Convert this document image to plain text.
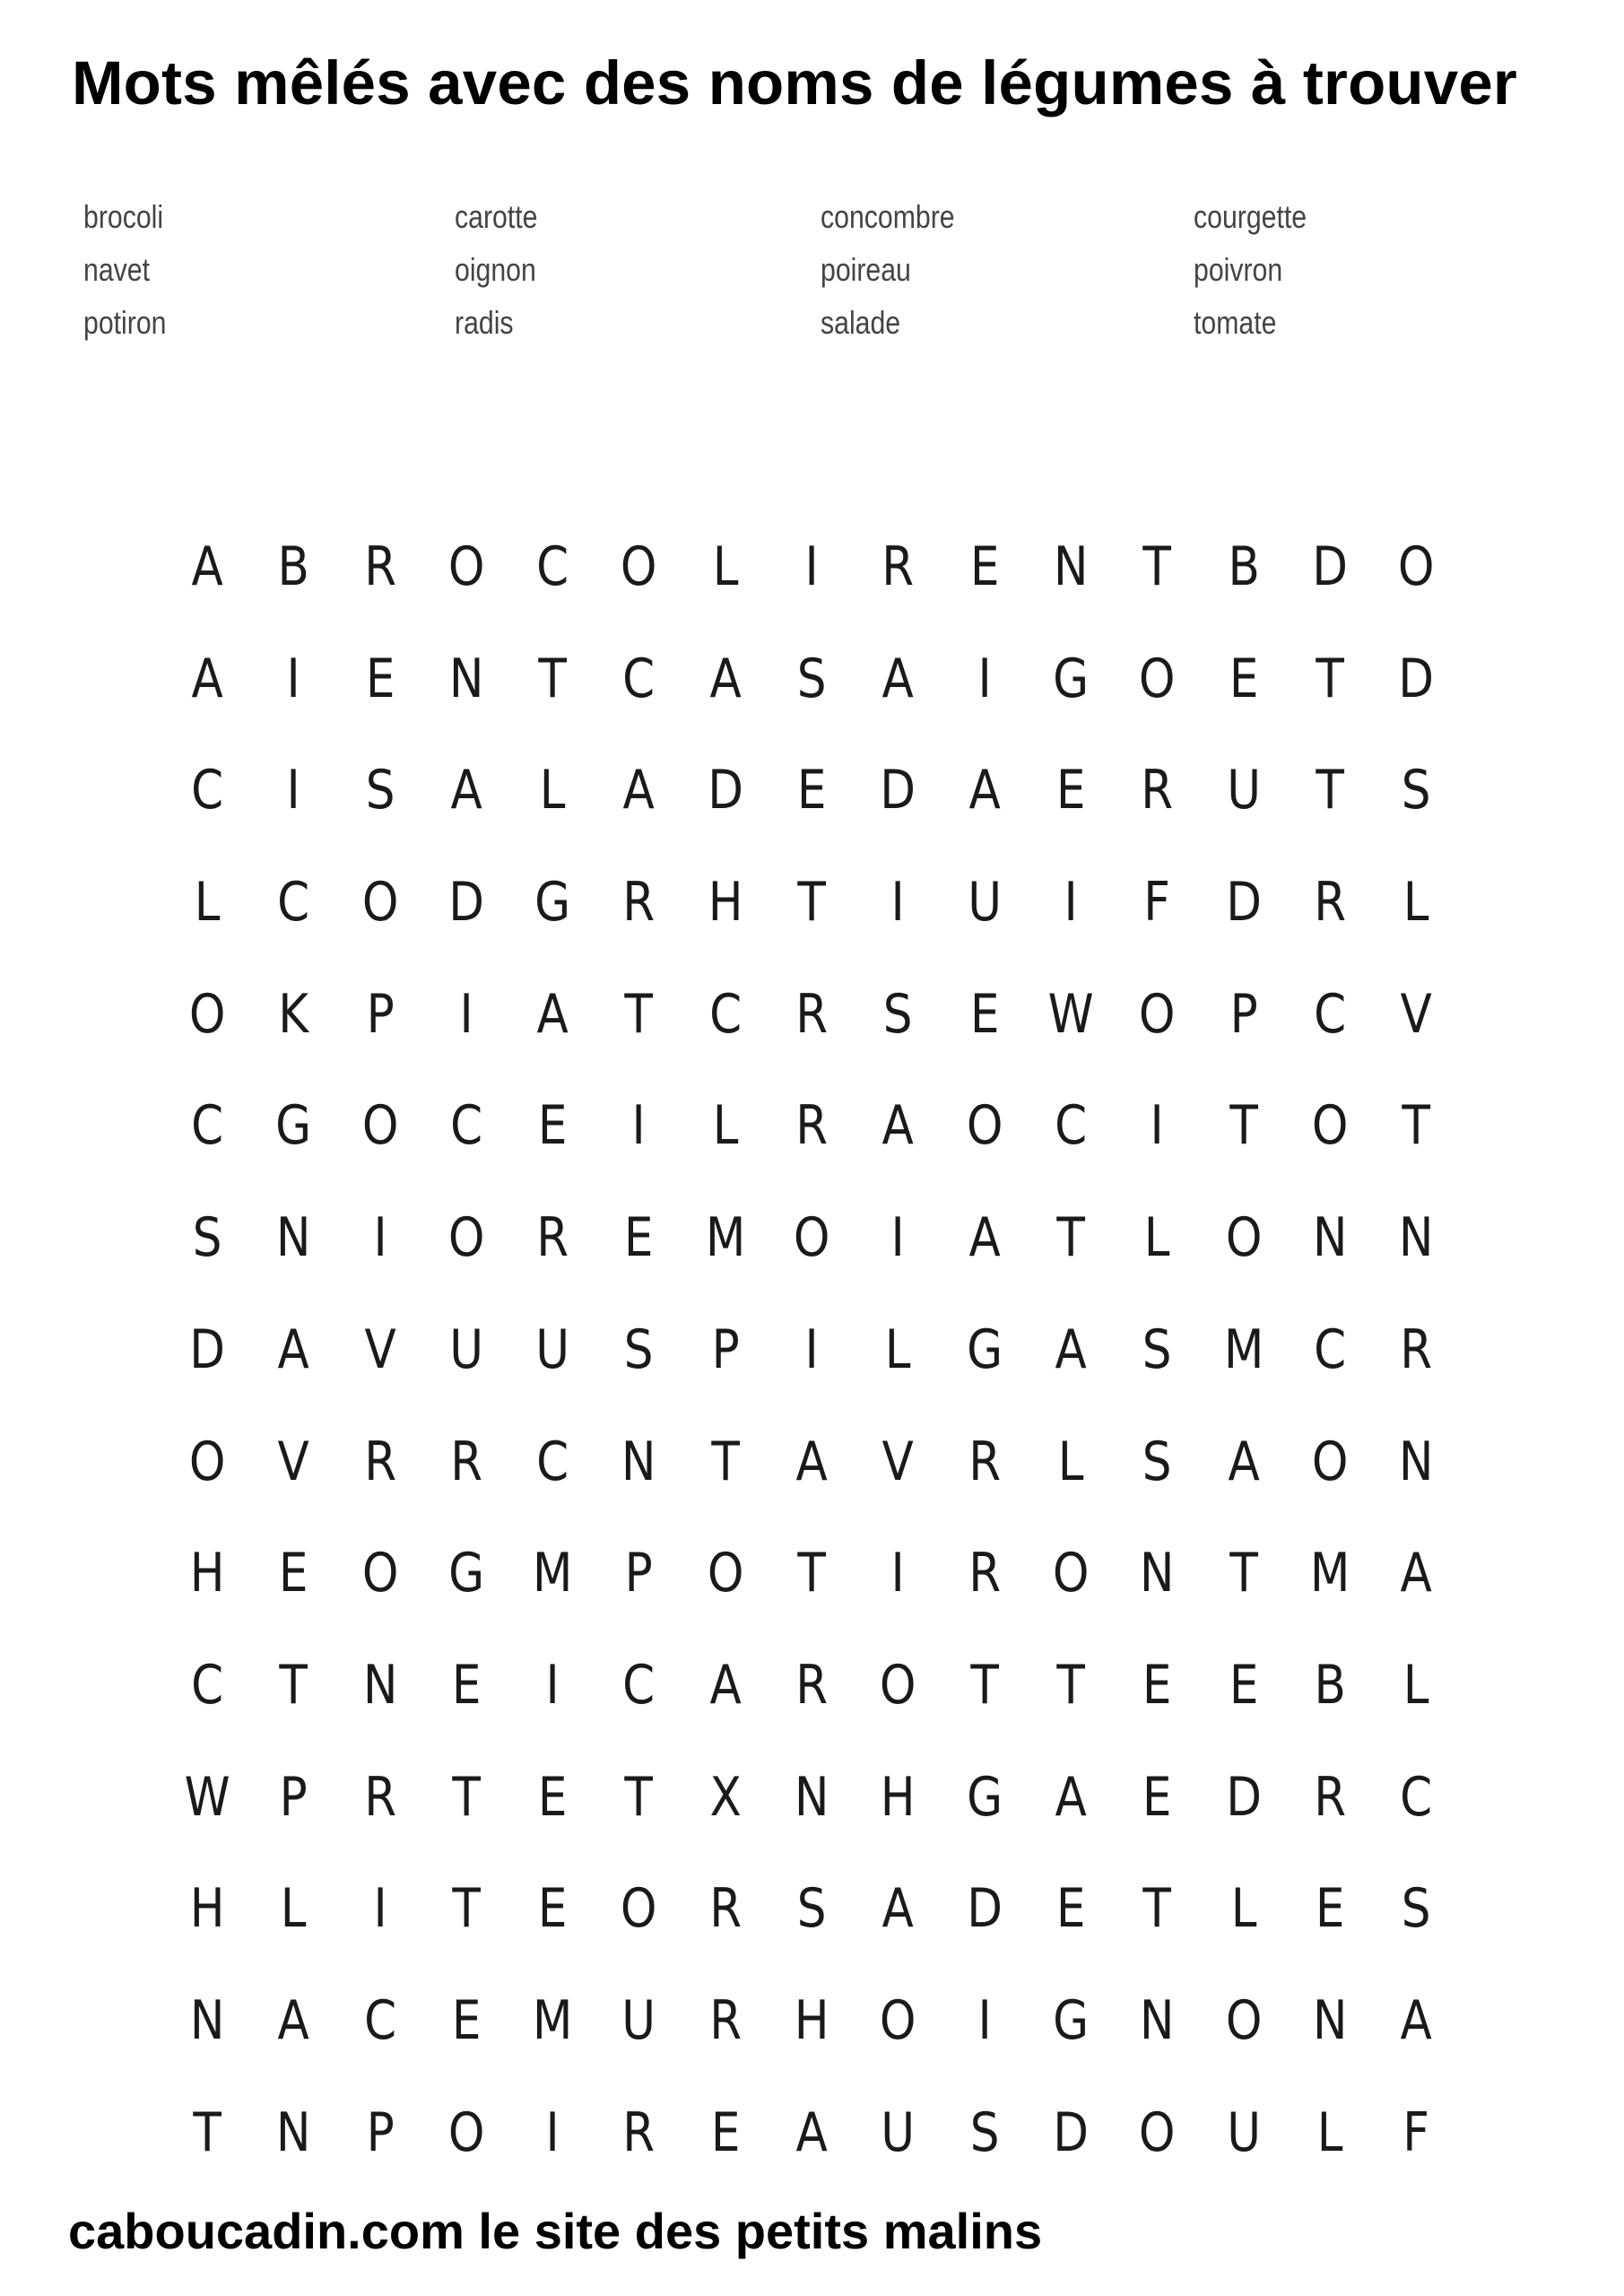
Mots mêlés avec des noms de légumes à trouver
brocoli	carotte	concombre	courgette
navet	oignon	poireau	poivron
potiron	radis	salade	tomate
A	B	R O C O	L	I	R	E	N	T	B D O
A	I	E	N	T	C	A	S	A	I	G O E	T	D
C	I	S	A	L	A D	E	D A	E	R U	T	S
L	C O D G R H	T	I	U	I	F	D R	L
O K	P	I	A	T	C	R	S	E W O	P	C	V
C G O C	E	I	L	R	A O C	I	T	O	T
S	N	I	O R	E M O	I	A	T	L	O N N
D A	V U U	S	P	I	L	G A	S M C	R
O V	R	R	C N	T	A	V	R	L	S	A O N
H	E O G M P	O	T	I	R O N	T M A
C	T	N	E	I	C	A	R O	T	T	E	E	B	L
W P	R	T	E	T	X N H G A	E	D R	C
H	L	I	T	E O R	S	A D	E	T	L	E	S
N A	C	E M U R H O	I	G N O N A
T	N	P	O	I	R	E	A U	S	D O U	L	F

caboucadin.com le site des petits malins
